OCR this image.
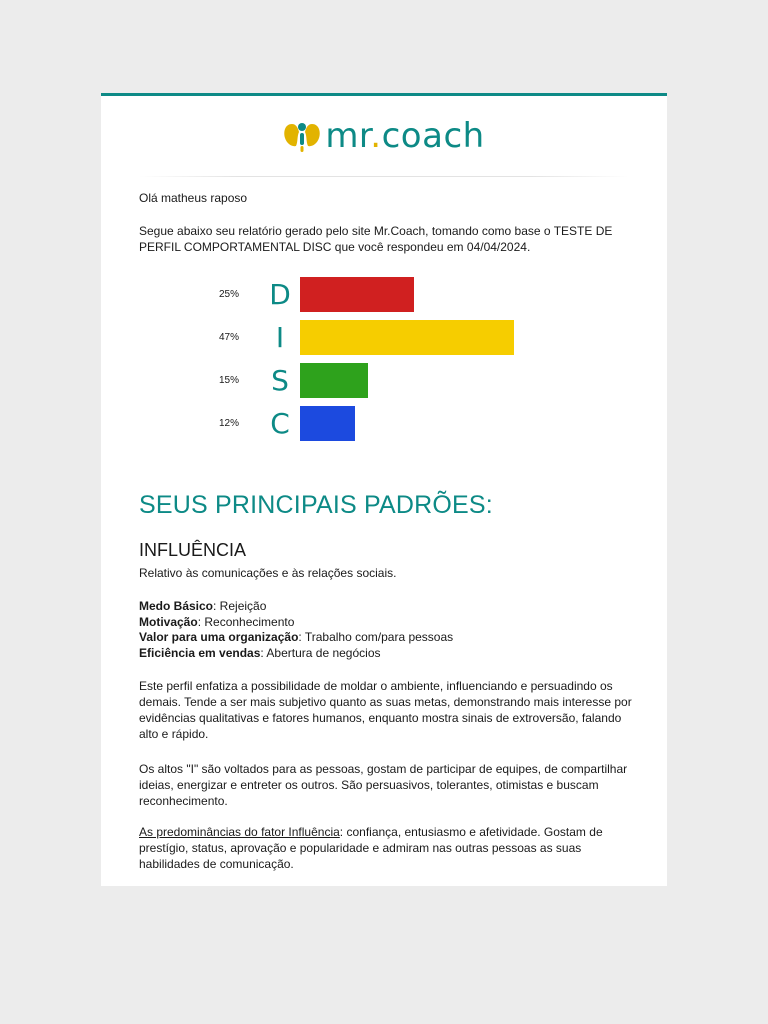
mr.coach
Olá matheus raposo
Segue abaixo seu relatório gerado pelo site Mr.Coach, tomando como base o TESTE DE PERFIL COMPORTAMENTAL DISC que você respondeu em 04/04/2024.
25%	D
47%	I
15%	S
12%	C
SEUS PRINCIPAIS PADRÕES:
INFLUÊNCIA
Relativo às comunicações e às relações sociais.
Medo Básico: Rejeição
Motivação: Reconhecimento
Valor para uma organização: Trabalho com/para pessoas
Eficiência em vendas: Abertura de negócios
Este perfil enfatiza a possibilidade de moldar o ambiente, influenciando e persuadindo os demais. Tende a ser mais subjetivo quanto as suas metas, demonstrando mais interesse por evidências qualitativas e fatores humanos, enquanto mostra sinais de extroversão, falando alto e rápido.
Os altos "I" são voltados para as pessoas, gostam de participar de equipes, de compartilhar ideias, energizar e entreter os outros. São persuasivos, tolerantes, otimistas e buscam reconhecimento.
As predominâncias do fator Influência: confiança, entusiasmo e afetividade. Gostam de prestígio, status, aprovação e popularidade e admiram nas outras pessoas as suas habilidades de comunicação.
